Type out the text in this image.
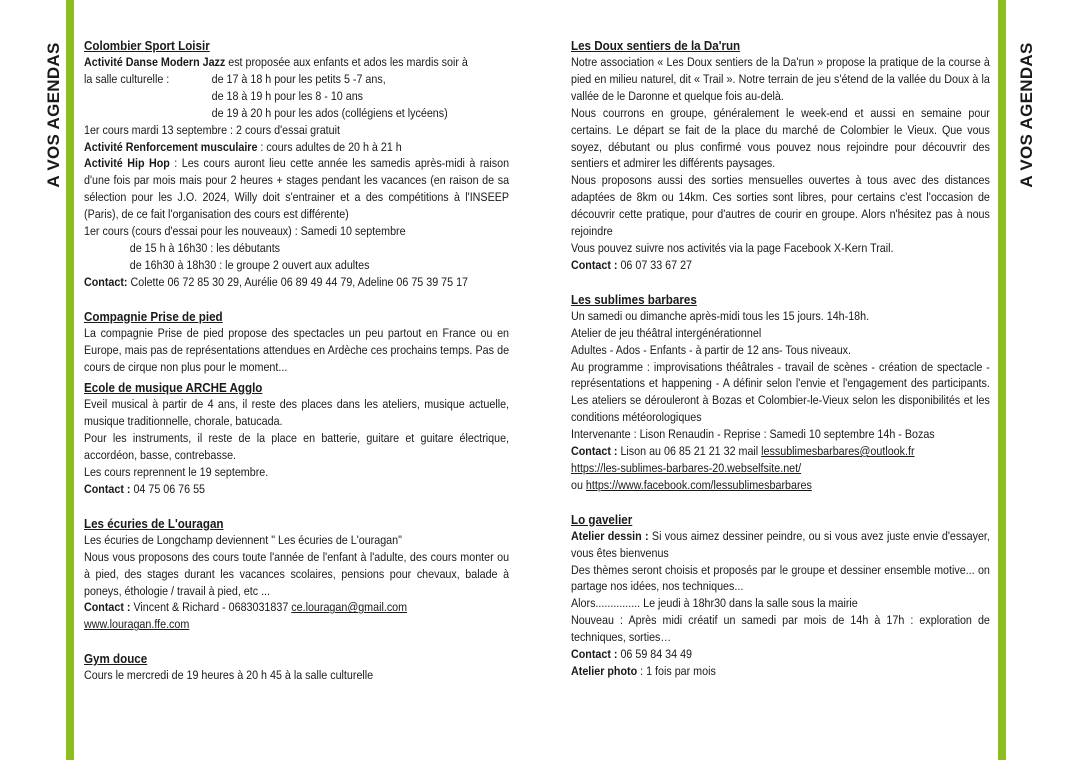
A VOS AGENDAS	A VOS AGENDAS

Colombier Sport Loisir

Activité Danse Modern Jazz est proposée aux enfants et ados les mardis soir à

la salle culturelle :	de 17 à 18 h pour les petits 5 -7 ans,

de 18 à 19 h pour les 8 - 10 ans

de 19 à 20 h pour les ados (collégiens et lycéens)

1er cours mardi 13 septembre : 2 cours d'essai gratuit

Activité Renforcement musculaire : cours adultes de 20 h à 21 h

Activité Hip Hop : Les cours auront lieu cette année les samedis après-midi à raison d'une fois par mois mais pour 2 heures + stages pendant les vacances (en raison de sa sélection pour les J.O. 2024, Willy doit s'entrainer et a des compétitions à l'INSEEP (Paris), de ce fait l'organisation des cours est différente)

1er cours (cours d'essai pour les nouveaux) : Samedi 10 septembre

de 15 h à 16h30 : les débutants

de 16h30 à 18h30 : le groupe 2 ouvert aux adultes

Contact: Colette 06 72 85 30 29, Aurélie 06 89 49 44 79, Adeline 06 75 39 75 17

Compagnie Prise de pied

La compagnie Prise de pied propose des spectacles un peu partout en France ou en Europe, mais pas de représentations attendues en Ardèche ces prochains temps. Pas de cours de cirque non plus pour le moment...

Ecole de musique ARCHE Agglo

Eveil musical à partir de 4 ans, il reste des places dans les ateliers, musique actuelle, musique traditionnelle, chorale, batucada.

Pour les instruments, il reste de la place en batterie, guitare et guitare électrique, accordéon, basse, contrebasse.

Les cours reprennent le 19 septembre.

Contact : 04 75 06 76 55

Les écuries de L'ouragan

Les écuries de Longchamp deviennent " Les écuries de L'ouragan"

Nous vous proposons des cours toute l'année de l'enfant à l'adulte, des cours monter ou à pied, des stages durant les vacances scolaires, pensions pour chevaux, balade à poneys, éthologie / travail à pied, etc ...

Contact : Vincent & Richard - 0683031837 ce.louragan@gmail.com

www.louragan.ffe.com

Gym douce

Cours le mercredi de 19 heures à 20 h 45 à la salle culturelle

Les Doux sentiers de la Da'run

Notre association « Les Doux sentiers de la Da'run » propose la pratique de la course à pied en milieu naturel, dit « Trail ». Notre terrain de jeu s'étend de la vallée du Doux à la vallée de le Daronne et quelque fois au-delà.

Nous courrons en groupe, généralement le week-end et aussi en semaine pour certains. Le départ se fait de la place du marché de Colombier le Vieux. Que vous soyez, débutant ou plus confirmé vous pouvez nous rejoindre pour découvrir des sentiers et admirer les différents paysages.

Nous proposons aussi des sorties mensuelles ouvertes à tous avec des distances adaptées de 8km ou 14km. Ces sorties sont libres, pour certains c'est l'occasion de découvrir cette pratique, pour d'autres de courir en groupe. Alors n'hésitez pas à nous rejoindre

Vous pouvez suivre nos activités via la page Facebook X-Kern Trail.

Contact : 06 07 33 67 27

Les sublimes barbares

Un samedi ou dimanche après-midi tous les 15 jours. 14h-18h.

Atelier de jeu théâtral intergénérationnel

Adultes - Ados - Enfants - à partir de 12 ans- Tous niveaux.

Au programme : improvisations théâtrales - travail de scènes - création de spectacle - représentations et happening - A définir selon l'envie et l'engagement des participants. Les ateliers se dérouleront à Bozas et Colombier-le-Vieux selon les disponibilités et les conditions météorologiques

Intervenante : Lison Renaudin - Reprise : Samedi 10 septembre 14h - Bozas

Contact : Lison au 06 85 21 21 32 mail lessublimesbarbares@outlook.fr

https://les-sublimes-barbares-20.webselfsite.net/

ou https://www.facebook.com/lessublimesbarbares

Lo gavelier

Atelier dessin : Si vous aimez dessiner peindre, ou si vous avez juste envie d'essayer, vous êtes bienvenus

Des thèmes seront choisis et proposés par le groupe et dessiner ensemble motive... on partage nos idées, nos techniques...

Alors............... Le jeudi à 18hr30 dans la salle sous la mairie

Nouveau : Après midi créatif un samedi par mois de 14h à 17h : exploration de techniques, sorties…

Contact : 06 59 84 34 49

Atelier photo : 1 fois par mois
